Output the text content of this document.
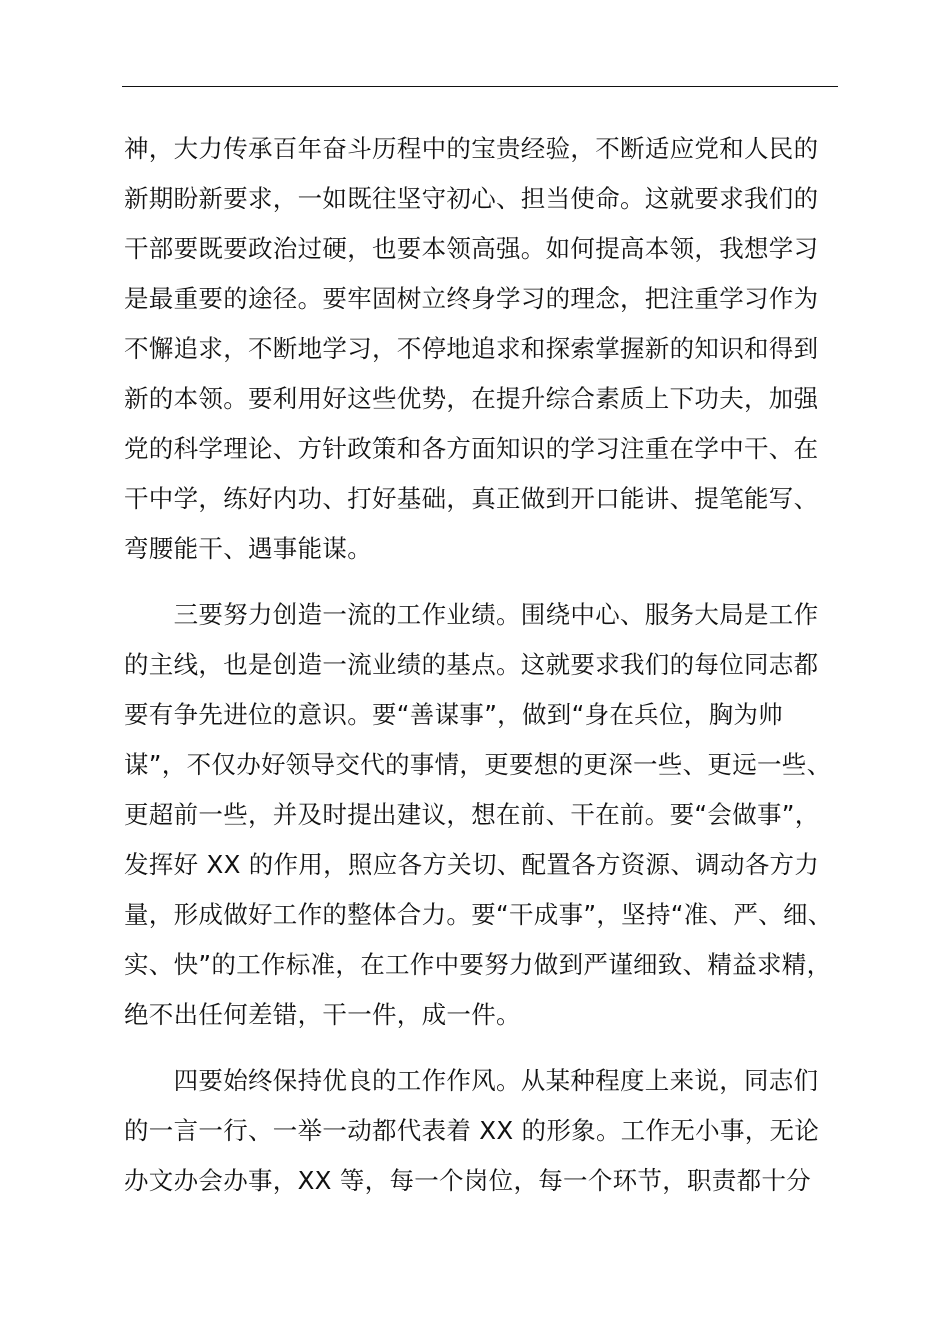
神，大力传承百年奋斗历程中的宝贵经验，不断适应党和人民的
新期盼新要求，一如既往坚守初心、担当使命。这就要求我们的
干部要既要政治过硬，也要本领高强。如何提高本领，我想学习
是最重要的途径。要牢固树立终身学习的理念，把注重学习作为
不懈追求，不断地学习，不停地追求和探索掌握新的知识和得到
新的本领。要利用好这些优势，在提升综合素质上下功夫，加强
党的科学理论、方针政策和各方面知识的学习注重在学中干、在
干中学，练好内功、打好基础，真正做到开口能讲、提笔能写、
弯腰能干、遇事能谋。
　　三要努力创造一流的工作业绩。围绕中心、服务大局是工作
的主线，也是创造一流业绩的基点。这就要求我们的每位同志都
要有争先进位的意识。要“善谋事”，做到“身在兵位，胸为帅
谋”，不仅办好领导交代的事情，更要想的更深一些、更远一些、
更超前一些，并及时提出建议，想在前、干在前。要“会做事”，
发挥好 XX 的作用，照应各方关切、配置各方资源、调动各方力
量，形成做好工作的整体合力。要“干成事”，坚持“准、严、细、
实、快”的工作标准，在工作中要努力做到严谨细致、精益求精，
绝不出任何差错，干一件，成一件。
　　四要始终保持优良的工作作风。从某种程度上来说，同志们
的一言一行、一举一动都代表着 XX 的形象。工作无小事，无论
办文办会办事，XX 等，每一个岗位，每一个环节，职责都十分
